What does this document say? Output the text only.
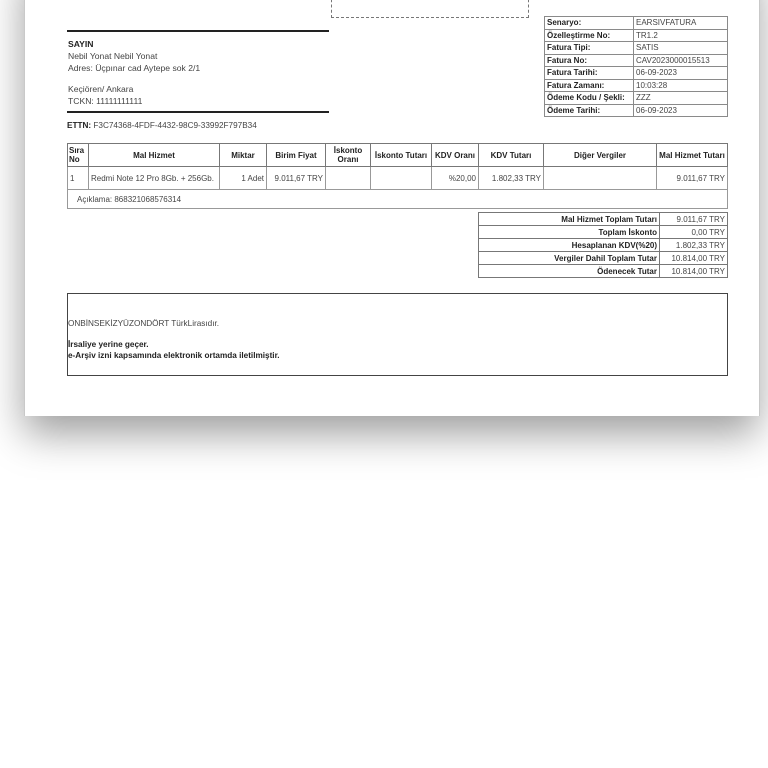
SAYIN
Nebil Yonat Nebil Yonat
Adres: Üçpınar cad Aytepe sok 2/1
Keçiören/ Ankara
TCKN: 11111111111
ETTN: F3C74368-4FDF-4432-98C9-33992F797B34
Senaryo:	EARSIVFATURA
Özelleştirme No:	TR1.2
Fatura Tipi:	SATIS
Fatura No:	CAV2023000015513
Fatura Tarihi:	06-09-2023
Fatura Zamanı:	10:03:28
Ödeme Kodu / Şekli:	ZZZ
Ödeme Tarihi:	06-09-2023
Sıra No	Mal Hizmet	Miktar	Birim Fiyat	İskonto Oranı	İskonto Tutarı	KDV Oranı	KDV Tutarı	Diğer Vergiler	Mal Hizmet Tutarı
1	Redmi Note 12 Pro 8Gb. + 256Gb.	1 Adet	9.011,67 TRY			%20,00	1.802,33 TRY		9.011,67 TRY
Açıklama: 868321068576314									
Mal Hizmet Toplam Tutarı	9.011,67 TRY
Toplam İskonto	0,00 TRY
Hesaplanan KDV(%20)	1.802,33 TRY
Vergiler Dahil Toplam Tutar	10.814,00 TRY
Ödenecek Tutar	10.814,00 TRY
ONBİNSEKİZYÜZONDÖRT TürkLirasıdır.
İrsaliye yerine geçer.
e-Arşiv izni kapsamında elektronik ortamda iletilmiştir.
